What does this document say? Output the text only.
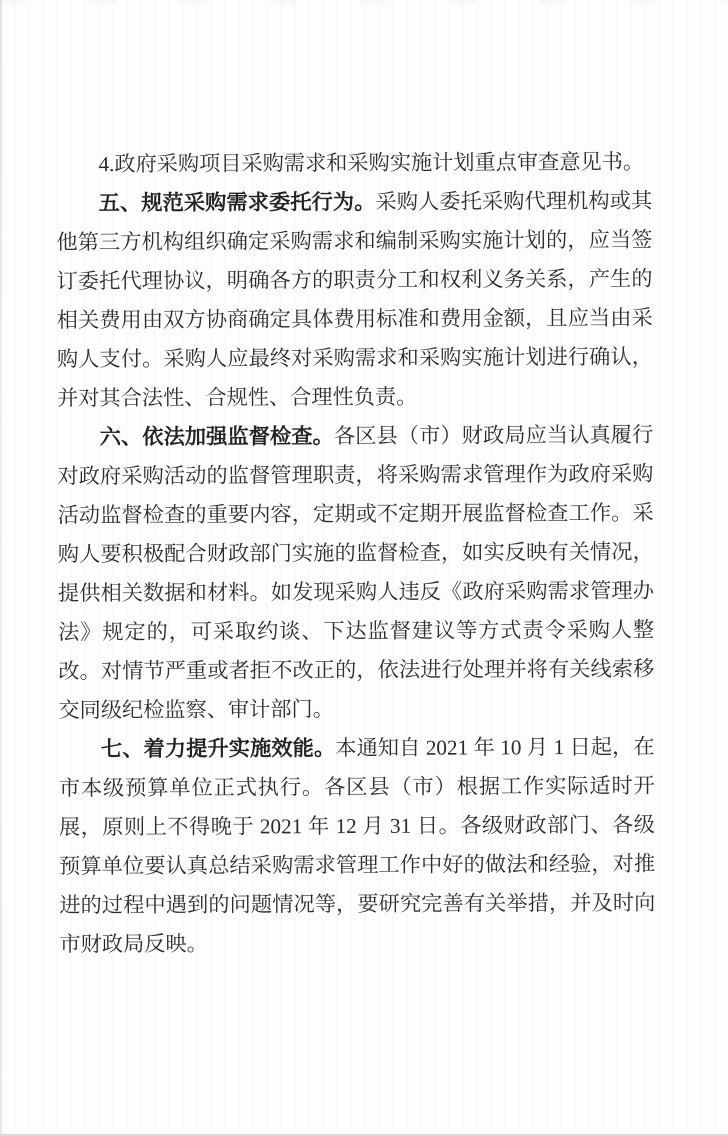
4.政府采购项目采购需求和采购实施计划重点审查意见书。

五、规范采购需求委托行为。采购人委托采购代理机构或其他第三方机构组织确定采购需求和编制采购实施计划的，应当签订委托代理协议，明确各方的职责分工和权利义务关系，产生的相关费用由双方协商确定具体费用标准和费用金额，且应当由采购人支付。采购人应最终对采购需求和采购实施计划进行确认，并对其合法性、合规性、合理性负责。

六、依法加强监督检查。各区县（市）财政局应当认真履行对政府采购活动的监督管理职责，将采购需求管理作为政府采购活动监督检查的重要内容，定期或不定期开展监督检查工作。采购人要积极配合财政部门实施的监督检查，如实反映有关情况，提供相关数据和材料。如发现采购人违反《政府采购需求管理办法》规定的，可采取约谈、下达监督建议等方式责令采购人整改。对情节严重或者拒不改正的，依法进行处理并将有关线索移交同级纪检监察、审计部门。

七、着力提升实施效能。本通知自 2021 年 10 月 1 日起，在市本级预算单位正式执行。各区县（市）根据工作实际适时开展，原则上不得晚于 2021 年 12 月 31 日。各级财政部门、各级预算单位要认真总结采购需求管理工作中好的做法和经验，对推进的过程中遇到的问题情况等，要研究完善有关举措，并及时向市财政局反映。
